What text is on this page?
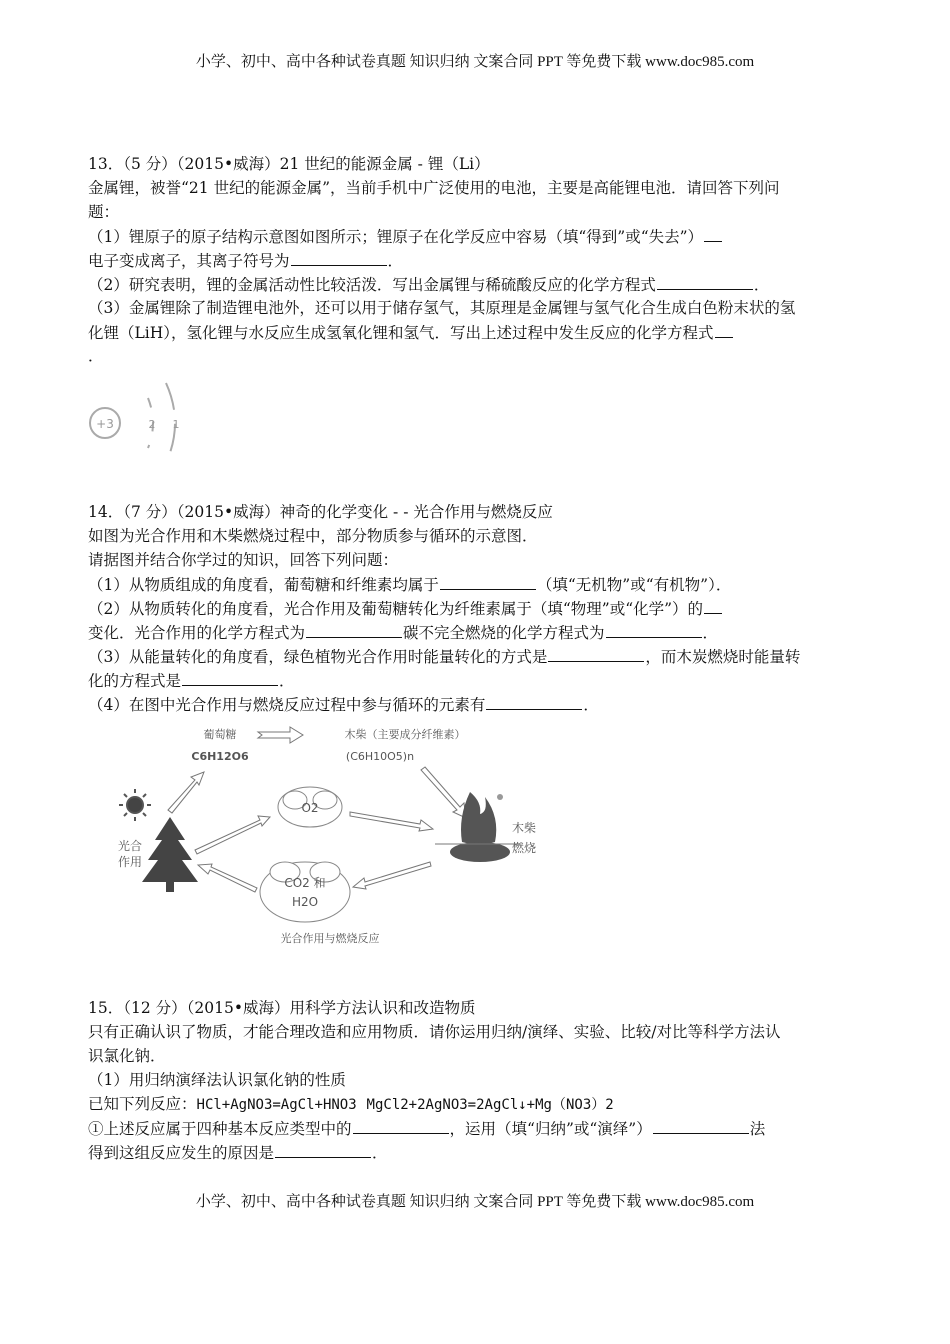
小学、初中、高中各种试卷真题 知识归纳 文案合同 PPT 等免费下载 www.doc985.com
13．（5 分）（2015•威海）21 世纪的能源金属 - 锂（Li）
金属锂，被誉“21 世纪的能源金属”，当前手机中广泛使用的电池，主要是高能锂电池．请回答下列问
题：
（1）锂原子的原子结构示意图如图所示；锂原子在化学反应中容易（填“得到”或“失去”）
电子变成离子，其离子符号为	．
（2）研究表明，锂的金属活动性比较活泼．写出金属锂与稀硫酸反应的化学方程式	．
（3）金属锂除了制造锂电池外，还可以用于储存氢气，其原理是金属锂与氢气化合生成白色粉末状的氢
化锂（LiH），氢化锂与水反应生成氢氧化锂和氢气．写出上述过程中发生反应的化学方程式
．
+3	2 1
14．（7 分）（2015•威海）神奇的化学变化 - - 光合作用与燃烧反应
如图为光合作用和木柴燃烧过程中，部分物质参与循环的示意图．
请据图并结合你学过的知识，回答下列问题：
（1）从物质组成的角度看，葡萄糖和纤维素均属于	（填“无机物”或“有机物”）．
（2）从物质转化的角度看，光合作用及葡萄糖转化为纤维素属于（填“物理”或“化学”）的
变化．光合作用的化学方程式为	碳不完全燃烧的化学方程式为	．
（3）从能量转化的角度看，绿色植物光合作用时能量转化的方式是	，而木炭燃烧时能量转
化的方程式是	．
（4）在图中光合作用与燃烧反应过程中参与循环的元素有	．
葡萄糖
C6H12O6
木柴（主要成分纤维素）
(C6H10O5)n
光合
作用
O2
木柴
燃烧
CO2 和
H2O
光合作用与燃烧反应
15．（12 分）（2015•威海）用科学方法认识和改造物质
只有正确认识了物质，才能合理改造和应用物质．请你运用归纳/演绎、实验、比较/对比等科学方法认
识氯化钠．
（1）用归纳演绎法认识氯化钠的性质
已知下列反应：HCl+AgNO3=AgCl+HNO3 MgCl2+2AgNO3=2AgCl↓+Mg（NO3）2
①上述反应属于四种基本反应类型中的	，运用（填“归纳”或“演绎”）	法
得到这组反应发生的原因是	．
小学、初中、高中各种试卷真题 知识归纳 文案合同 PPT 等免费下载 www.doc985.com
